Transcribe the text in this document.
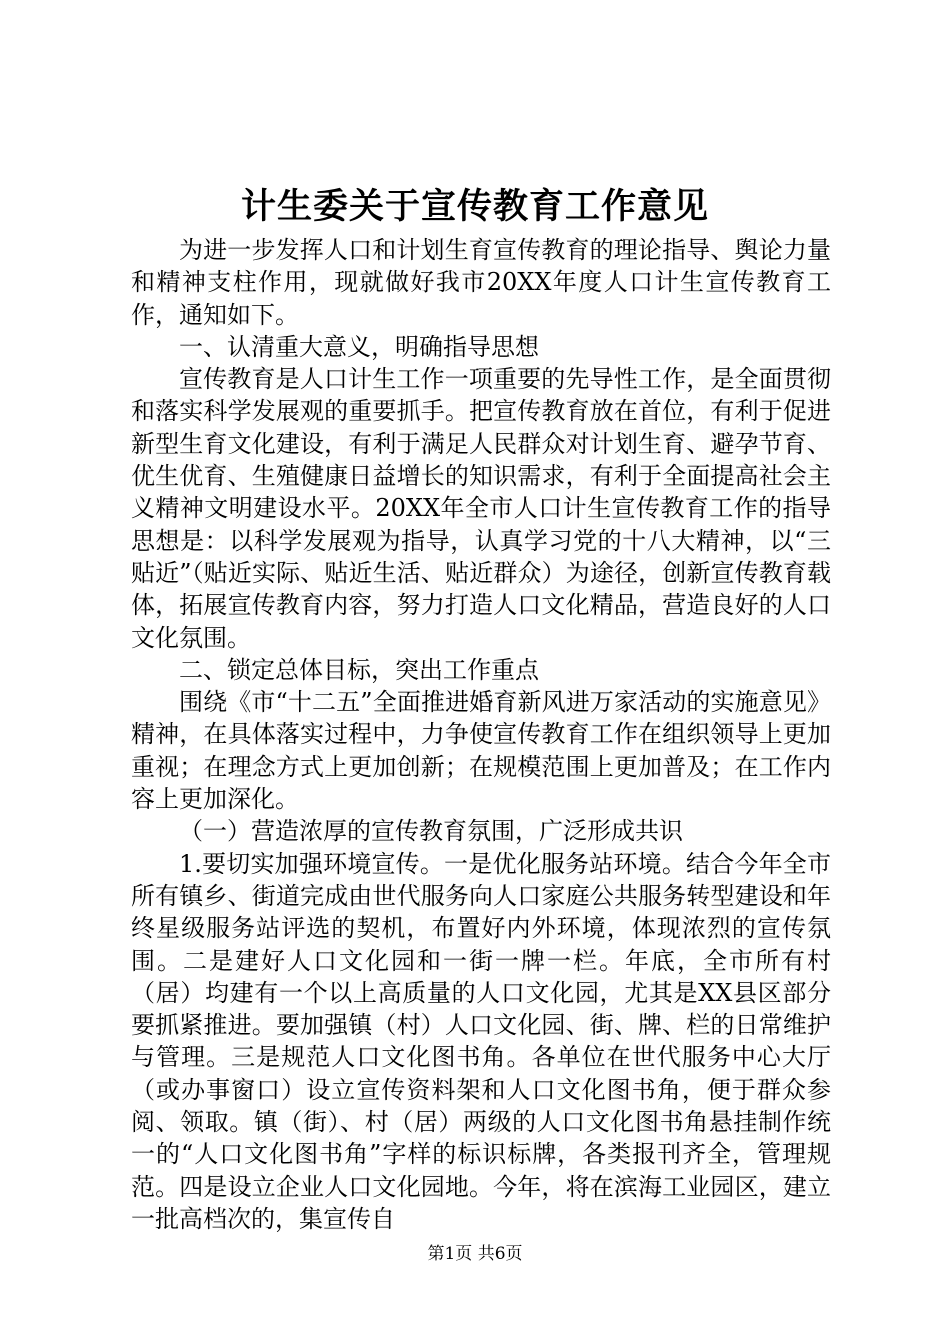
计生委关于宣传教育工作意见

为进一步发挥人口和计划生育宣传教育的理论指导、舆论力量和精神支柱作用，现就做好我市20XX年度人口计生宣传教育工作，通知如下。

一、认清重大意义，明确指导思想

宣传教育是人口计生工作一项重要的先导性工作，是全面贯彻和落实科学发展观的重要抓手。把宣传教育放在首位，有利于促进新型生育文化建设，有利于满足人民群众对计划生育、避孕节育、优生优育、生殖健康日益增长的知识需求，有利于全面提高社会主义精神文明建设水平。20XX年全市人口计生宣传教育工作的指导思想是：以科学发展观为指导，认真学习党的十八大精神，以“三贴近”（贴近实际、贴近生活、贴近群众）为途径，创新宣传教育载体，拓展宣传教育内容，努力打造人口文化精品，营造良好的人口文化氛围。

二、锁定总体目标，突出工作重点

围绕《市“十二五”全面推进婚育新风进万家活动的实施意见》精神，在具体落实过程中，力争使宣传教育工作在组织领导上更加重视；在理念方式上更加创新；在规模范围上更加普及；在工作内容上更加深化。

（一）营造浓厚的宣传教育氛围，广泛形成共识

1.要切实加强环境宣传。一是优化服务站环境。结合今年全市所有镇乡、街道完成由世代服务向人口家庭公共服务转型建设和年终星级服务站评选的契机，布置好内外环境，体现浓烈的宣传氛围。二是建好人口文化园和一街一牌一栏。年底，全市所有村（居）均建有一个以上高质量的人口文化园，尤其是XX县区部分要抓紧推进。要加强镇（村）人口文化园、街、牌、栏的日常维护与管理。三是规范人口文化图书角。各单位在世代服务中心大厅（或办事窗口）设立宣传资料架和人口文化图书角，便于群众参阅、领取。镇（街）、村（居）两级的人口文化图书角悬挂制作统一的“人口文化图书角”字样的标识标牌，各类报刊齐全，管理规范。四是设立企业人口文化园地。今年，将在滨海工业园区，建立一批高档次的，集宣传自

第1页 共6页
